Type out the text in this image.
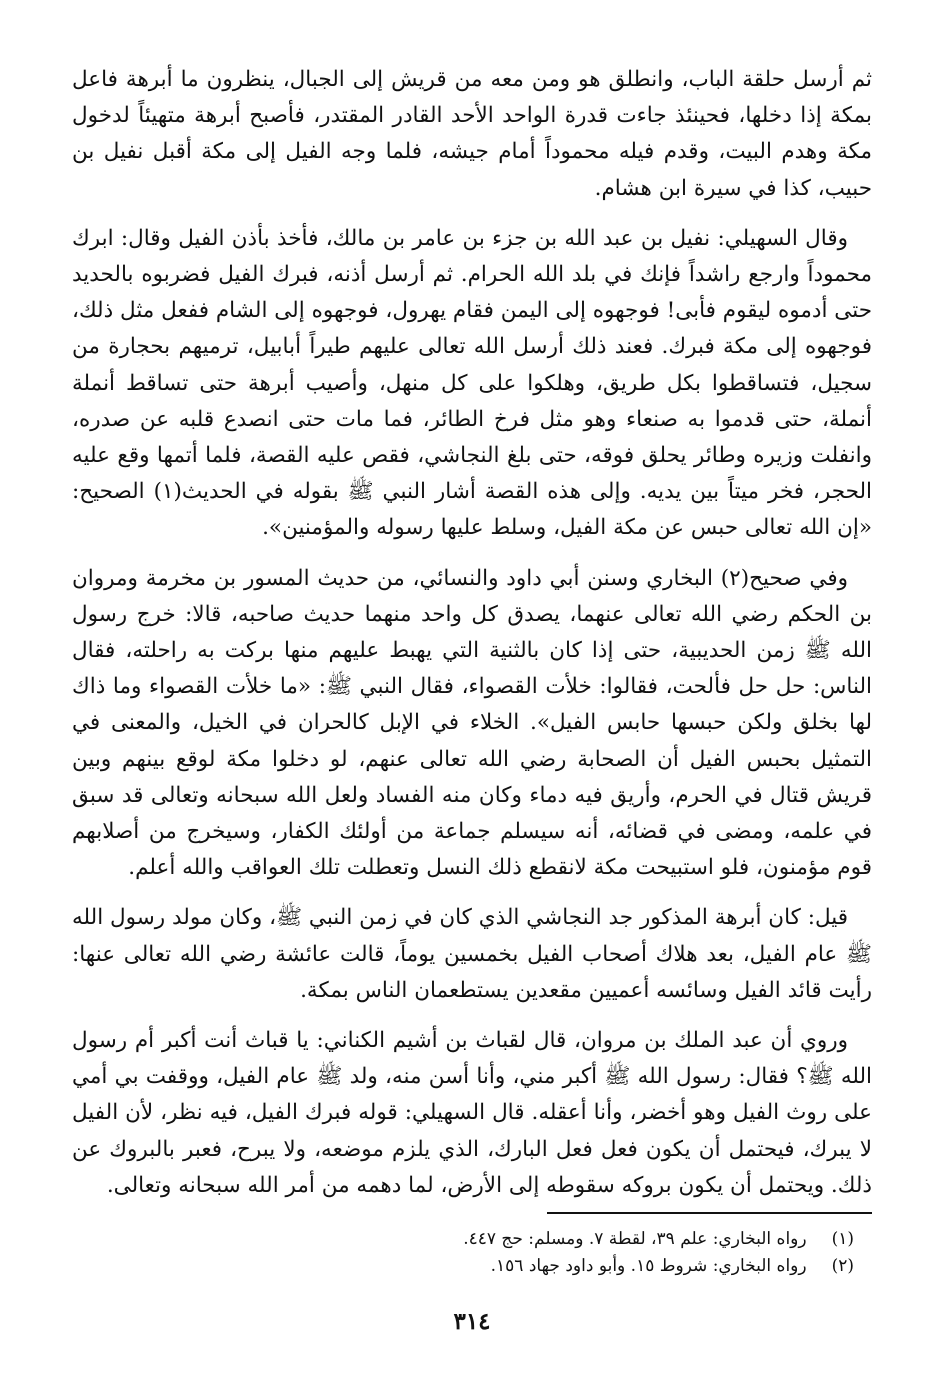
ثم أرسل حلقة الباب، وانطلق هو ومن معه من قريش إلى الجبال، ينظرون ما أبرهة فاعل بمكة إذا دخلها، فحينئذ جاءت قدرة الواحد الأحد القادر المقتدر، فأصبح أبرهة متهيئاً لدخول مكة وهدم البيت، وقدم فيله محموداً أمام جيشه، فلما وجه الفيل إلى مكة أقبل نفيل بن حبيب، كذا في سيرة ابن هشام.

وقال السهيلي: نفيل بن عبد الله بن جزء بن عامر بن مالك، فأخذ بأذن الفيل وقال: ابرك محموداً وارجع راشداً فإنك في بلد الله الحرام. ثم أرسل أذنه، فبرك الفيل فضربوه بالحديد حتى أدموه ليقوم فأبى! فوجهوه إلى اليمن فقام يهرول، فوجهوه إلى الشام ففعل مثل ذلك، فوجهوه إلى مكة فبرك. فعند ذلك أرسل الله تعالى عليهم طيراً أبابيل، ترميهم بحجارة من سجيل، فتساقطوا بكل طريق، وهلكوا على كل منهل، وأصيب أبرهة حتى تساقط أنملة أنملة، حتى قدموا به صنعاء وهو مثل فرخ الطائر، فما مات حتى انصدع قلبه عن صدره، وانفلت وزيره وطائر يحلق فوقه، حتى بلغ النجاشي، فقص عليه القصة، فلما أتمها وقع عليه الحجر، فخر ميتاً بين يديه. وإلى هذه القصة أشار النبي ﷺ بقوله في الحديث(١) الصحيح: «إن الله تعالى حبس عن مكة الفيل، وسلط عليها رسوله والمؤمنين».

وفي صحيح(٢) البخاري وسنن أبي داود والنسائي، من حديث المسور بن مخرمة ومروان بن الحكم رضي الله تعالى عنهما، يصدق كل واحد منهما حديث صاحبه، قالا: خرج رسول الله ﷺ زمن الحديبية، حتى إذا كان بالثنية التي يهبط عليهم منها بركت به راحلته، فقال الناس: حل حل فألحت، فقالوا: خلأت القصواء، فقال النبي ﷺ: «ما خلأت القصواء وما ذاك لها بخلق ولكن حبسها حابس الفيل». الخلاء في الإبل كالحران في الخيل، والمعنى في التمثيل بحبس الفيل أن الصحابة رضي الله تعالى عنهم، لو دخلوا مكة لوقع بينهم وبين قريش قتال في الحرم، وأريق فيه دماء وكان منه الفساد ولعل الله سبحانه وتعالى قد سبق في علمه، ومضى في قضائه، أنه سيسلم جماعة من أولئك الكفار، وسيخرج من أصلابهم قوم مؤمنون، فلو استبيحت مكة لانقطع ذلك النسل وتعطلت تلك العواقب والله أعلم.

قيل: كان أبرهة المذكور جد النجاشي الذي كان في زمن النبي ﷺ، وكان مولد رسول الله ﷺ عام الفيل، بعد هلاك أصحاب الفيل بخمسين يوماً، قالت عائشة رضي الله تعالى عنها: رأيت قائد الفيل وسائسه أعميين مقعدين يستطعمان الناس بمكة.

وروي أن عبد الملك بن مروان، قال لقباث بن أشيم الكناني: يا قباث أنت أكبر أم رسول الله ﷺ؟ فقال: رسول الله ﷺ أكبر مني، وأنا أسن منه، ولد ﷺ عام الفيل، ووقفت بي أمي على روث الفيل وهو أخضر، وأنا أعقله. قال السهيلي: قوله فبرك الفيل، فيه نظر، لأن الفيل لا يبرك، فيحتمل أن يكون فعل فعل البارك، الذي يلزم موضعه، ولا يبرح، فعبر بالبروك عن ذلك. ويحتمل أن يكون بروكه سقوطه إلى الأرض، لما دهمه من أمر الله سبحانه وتعالى.

(١) رواه البخاري: علم ٣٩، لقطة ٧. ومسلم: حج ٤٤٧.

(٢) رواه البخاري: شروط ١٥. وأبو داود جهاد ١٥٦.

٣١٤
